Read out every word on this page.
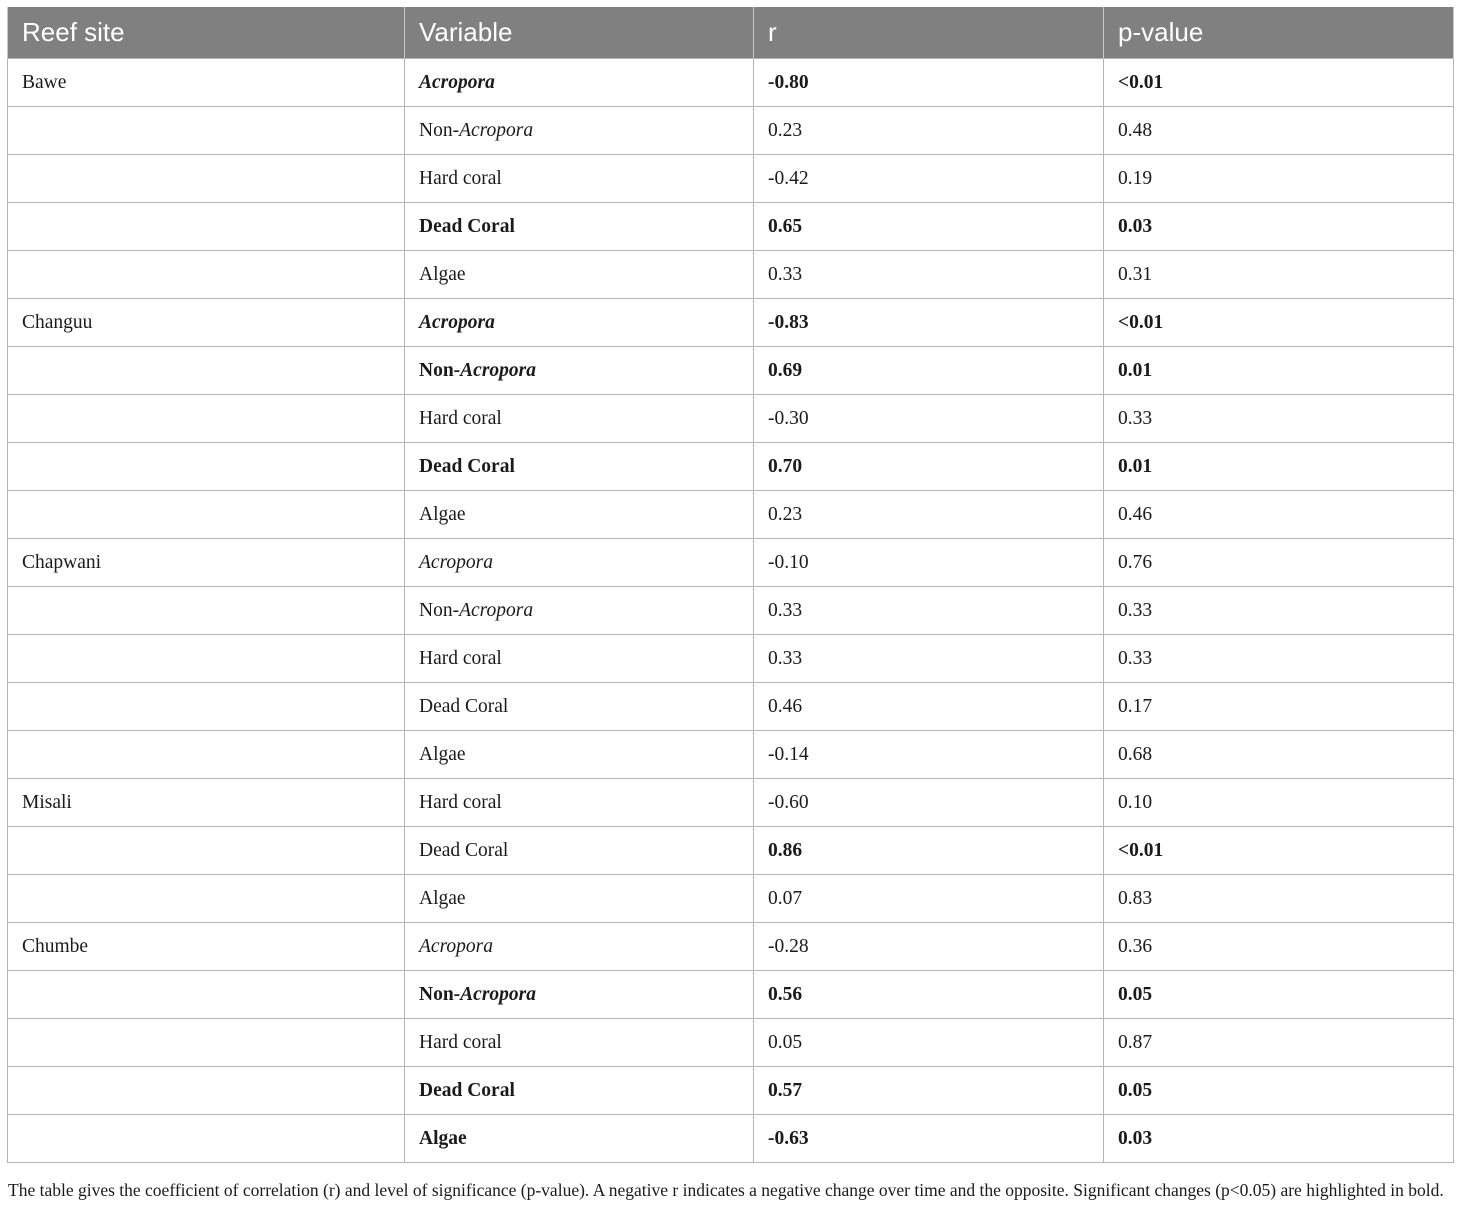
Reef site	Variable	r	p-value
Bawe	Acropora	-0.80	<0.01
	Non-Acropora	0.23	0.48
	Hard coral	-0.42	0.19
	Dead Coral	0.65	0.03
	Algae	0.33	0.31
Changuu	Acropora	-0.83	<0.01
	Non-Acropora	0.69	0.01
	Hard coral	-0.30	0.33
	Dead Coral	0.70	0.01
	Algae	0.23	0.46
Chapwani	Acropora	-0.10	0.76
	Non-Acropora	0.33	0.33
	Hard coral	0.33	0.33
	Dead Coral	0.46	0.17
	Algae	-0.14	0.68
Misali	Hard coral	-0.60	0.10
	Dead Coral	0.86	<0.01
	Algae	0.07	0.83
Chumbe	Acropora	-0.28	0.36
	Non-Acropora	0.56	0.05
	Hard coral	0.05	0.87
	Dead Coral	0.57	0.05
	Algae	-0.63	0.03
The table gives the coefficient of correlation (r) and level of significance (p-value). A negative r indicates a negative change over time and the opposite. Significant changes (p<0.05) are highlighted in bold.
